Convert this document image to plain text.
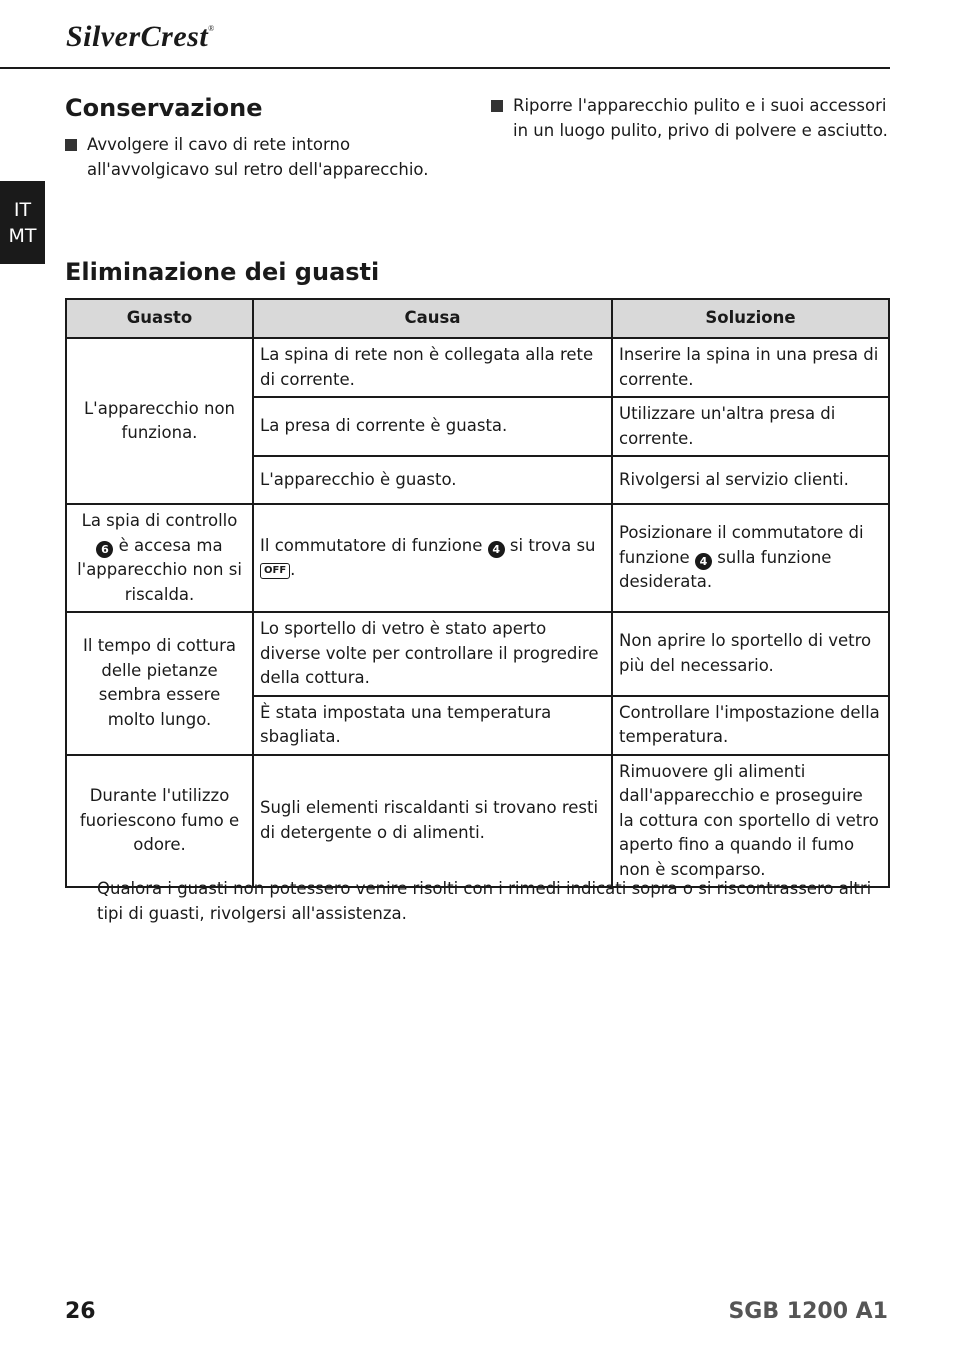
SilverCrest®
IT
MT
Conservazione
Avvolgere il cavo di rete intorno all'avvolgicavo sul retro dell'apparecchio.
Riporre l'apparecchio pulito e i suoi accessori in un luogo pulito, privo di polvere e asciutto.
Eliminazione dei guasti
Guasto	Causa	Soluzione
L'apparecchio non funziona.	La spina di rete non è collegata alla rete di corrente.	Inserire la spina in una presa di corrente.
	La presa di corrente è guasta.	Utilizzare un'altra presa di corrente.
	L'apparecchio è guasto.	Rivolgersi al servizio clienti.
La spia di controllo 6 è accesa ma l'apparecchio non si riscalda.	Il commutatore di funzione 4 si trova su OFF .	Posizionare il commutatore di funzione 4 sulla funzione desiderata.
Il tempo di cottura delle pietanze sembra essere molto lungo.	Lo sportello di vetro è stato aperto diverse volte per controllare il progredire della cottura.	Non aprire lo sportello di vetro più del necessario.
	È stata impostata una temperatura sbagliata.	Controllare l'impostazione della temperatura.
Durante l'utilizzo fuoriescono fumo e odore.	Sugli elementi riscaldanti si trovano resti di detergente o di alimenti.	Rimuovere gli alimenti dall'apparecchio e proseguire la cottura con sportello di vetro aperto fino a quando il fumo non è scomparso.
Qualora i guasti non potessero venire risolti con i rimedi indicati sopra o si riscontrassero altri tipi di guasti, rivolgersi all'assistenza.
26	SGB 1200 A1
